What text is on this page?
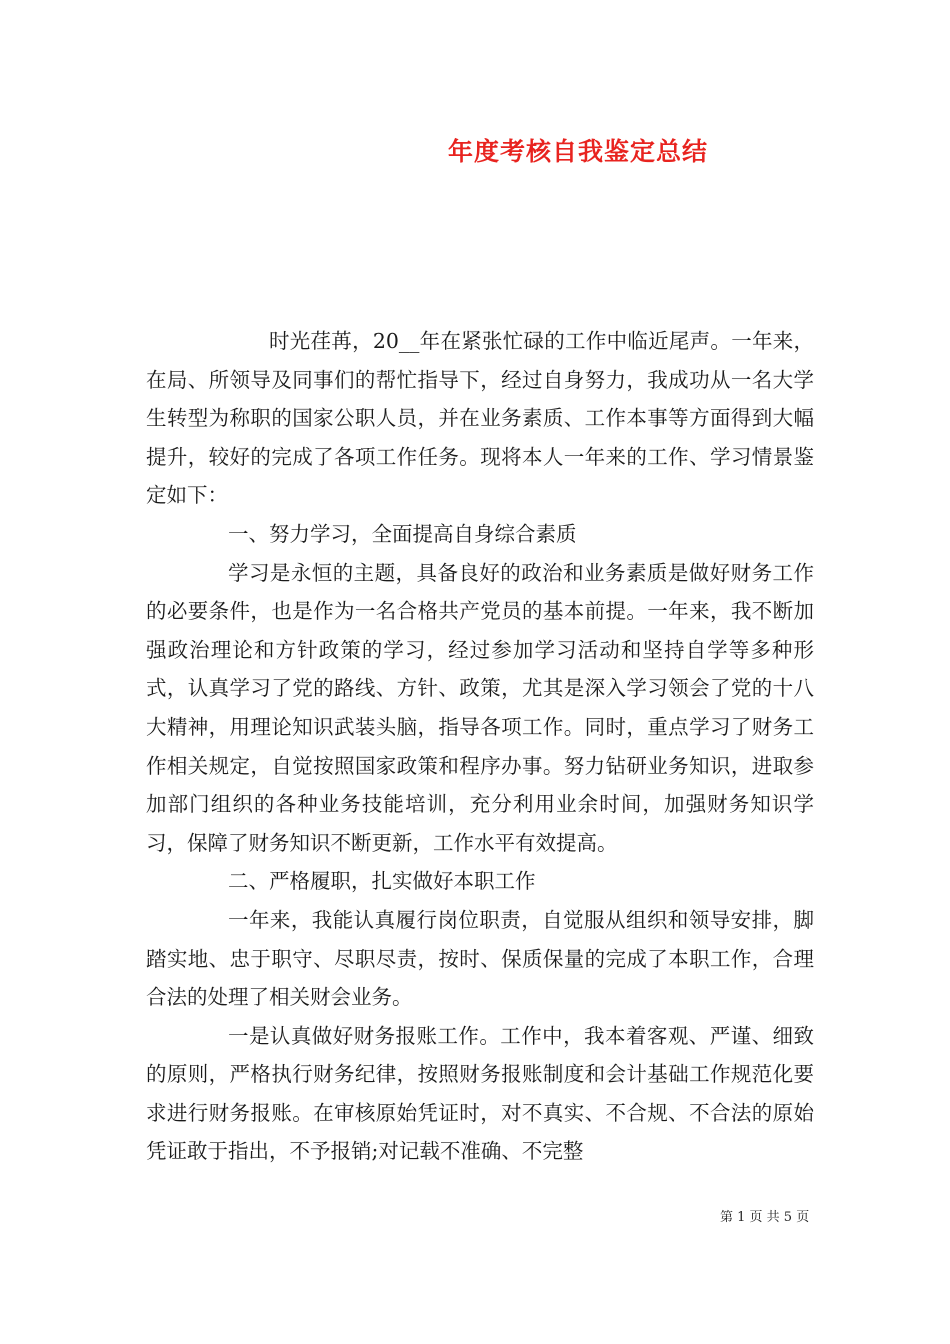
年度考核自我鉴定总结

时光荏苒，20__年在紧张忙碌的工作中临近尾声。一年来，在局、所领导及同事们的帮忙指导下，经过自身努力，我成功从一名大学生转型为称职的国家公职人员，并在业务素质、工作本事等方面得到大幅提升，较好的完成了各项工作任务。现将本人一年来的工作、学习情景鉴定如下：

一、努力学习，全面提高自身综合素质

学习是永恒的主题，具备良好的政治和业务素质是做好财务工作的必要条件，也是作为一名合格共产党员的基本前提。一年来，我不断加强政治理论和方针政策的学习，经过参加学习活动和坚持自学等多种形式，认真学习了党的路线、方针、政策，尤其是深入学习领会了党的十八大精神，用理论知识武装头脑，指导各项工作。同时，重点学习了财务工作相关规定，自觉按照国家政策和程序办事。努力钻研业务知识，进取参加部门组织的各种业务技能培训，充分利用业余时间，加强财务知识学习，保障了财务知识不断更新，工作水平有效提高。

二、严格履职，扎实做好本职工作

一年来，我能认真履行岗位职责，自觉服从组织和领导安排，脚踏实地、忠于职守、尽职尽责，按时、保质保量的完成了本职工作，合理合法的处理了相关财会业务。

一是认真做好财务报账工作。工作中，我本着客观、严谨、细致的原则，严格执行财务纪律，按照财务报账制度和会计基础工作规范化要求进行财务报账。在审核原始凭证时，对不真实、不合规、不合法的原始凭证敢于指出，不予报销;对记载不准确、不完整

第 1 页 共 5 页
